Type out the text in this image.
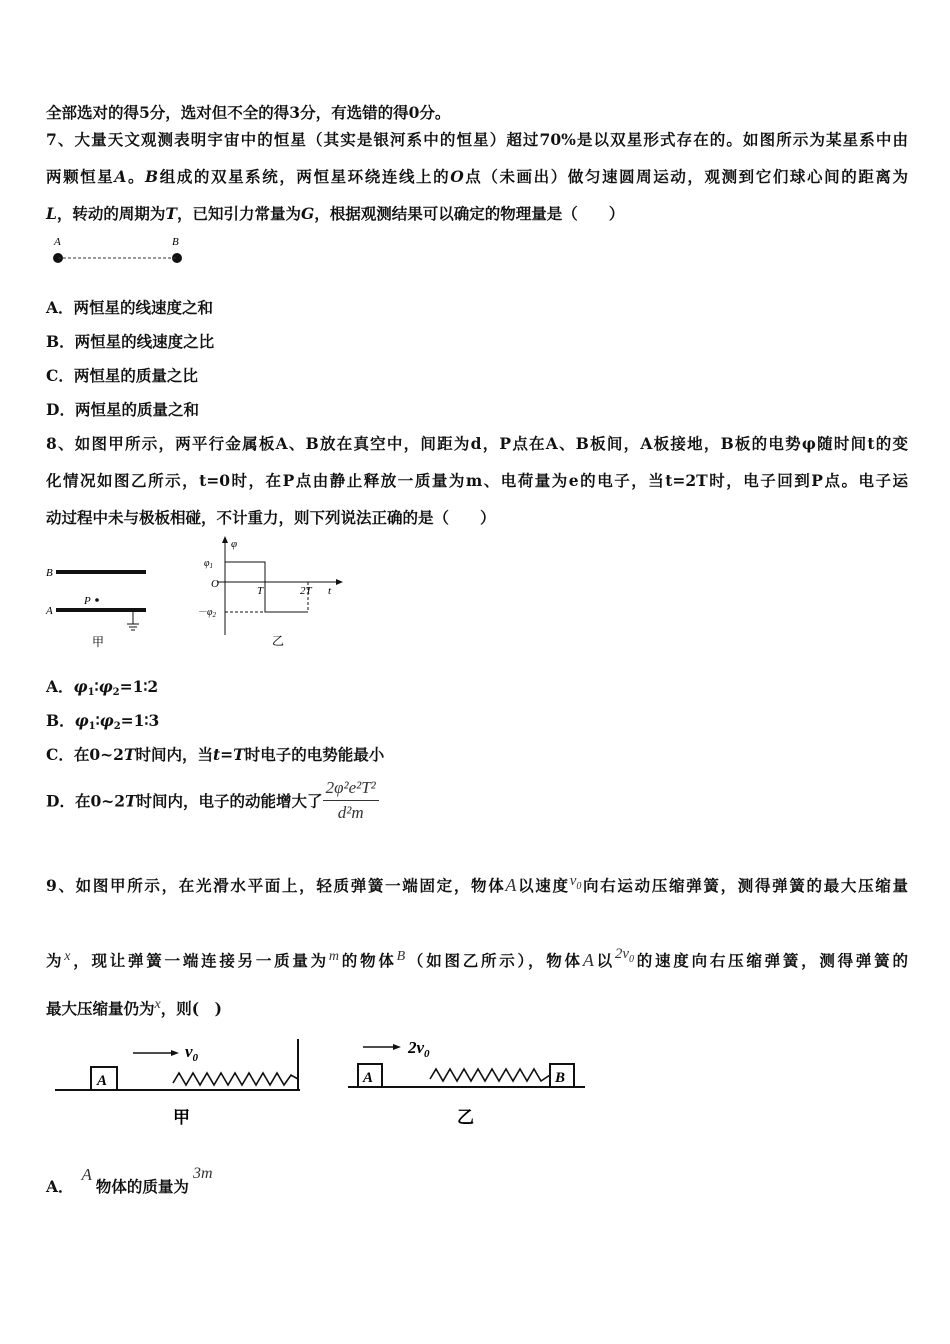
全部选对的得5分，选对但不全的得3分，有选错的得0分。
7、大量天文观测表明宇宙中的恒星（其实是银河系中的恒星）超过70%是以双星形式存在的。如图所示为某星系中由
两颗恒星A。B组成的双星系统，两恒星环绕连线上的O点（未画出）做匀速圆周运动，观测到它们球心间的距离为
L，转动的周期为T，已知引力常量为G，根据观测结果可以确定的物理量是（　　）
A	B
A．两恒星的线速度之和
B．两恒星的线速度之比
C．两恒星的质量之比
D．两恒星的质量之和
8、如图甲所示，两平行金属板A、B放在真空中，间距为d，P点在A、B板间，A板接地，B板的电势φ随时间t的变
化情况如图乙所示，t=0时，在P点由静止释放一质量为m、电荷量为e的电子，当t=2T时，电子回到P点。电子运
动过程中未与极板相碰，不计重力，则下列说法正确的是（　　）
B
P
A
甲
φ
O
$\varphi_1$
$-\varphi_2$
T	2T t
乙
A．$\varphi_1∶\varphi_2=1∶2$
B．$\varphi_1∶\varphi_2=1∶3$
C．在0~2T时间内，当t=T时电子的电势能最小
D．在0~2T时间内，电子的动能增大了 $\frac{\text{2φ²e²T²}}{\text{d²m}}$
9、如图甲所示，在光滑水平面上，轻质弹簧一端固定，物体A以速度$v^0$向右运动压缩弹簧，测得弹簧的最大压缩量
为x，现让弹簧一端连接另一质量为m的物体B（如图乙所示），物体A以$2v^0$的速度向右压缩弹簧，测得弹簧的
最大压缩量仍为x，则(　)
A
$v_0$
甲
A	B
$2v_0$
乙
A．A物体的质量为3m
